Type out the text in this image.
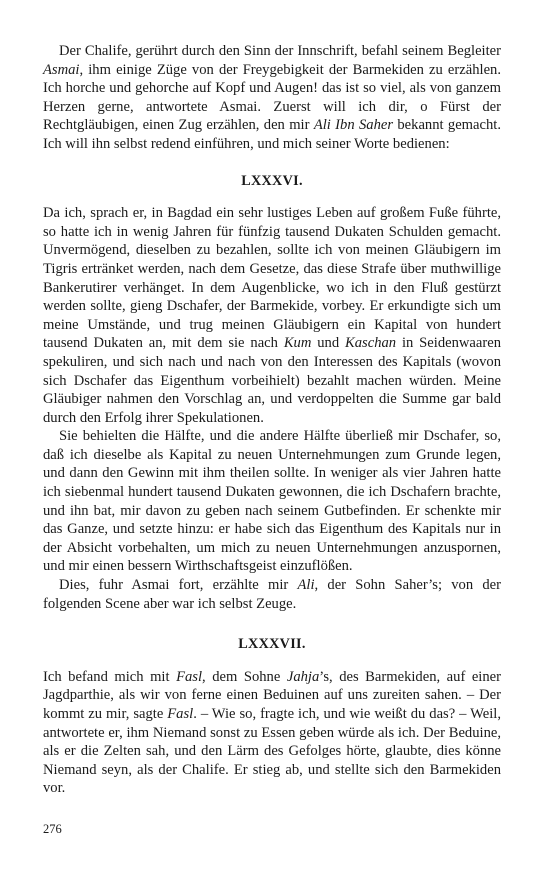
Der Chalife, gerührt durch den Sinn der Innschrift, befahl seinem Begleiter Asmai, ihm einige Züge von der Freygebigkeit der Barmekiden zu erzählen. Ich horche und gehorche auf Kopf und Augen! das ist so viel, als von ganzem Herzen gerne, antwortete Asmai. Zuerst will ich dir, o Fürst der Rechtgläubigen, einen Zug erzählen, den mir Ali Ibn Saher bekannt gemacht. Ich will ihn selbst redend einführen, und mich seiner Worte bedienen:

LXXXVI.

Da ich, sprach er, in Bagdad ein sehr lustiges Leben auf großem Fuße führte, so hatte ich in wenig Jahren für fünfzig tausend Dukaten Schulden gemacht. Unvermögend, dieselben zu bezahlen, sollte ich von meinen Gläubigern im Tigris ertränket werden, nach dem Gesetze, das diese Strafe über muthwillige Bankerutirer verhänget. In dem Augenblicke, wo ich in den Fluß gestürzt werden sollte, gieng Dschafer, der Barmekide, vorbey. Er erkundigte sich um meine Umstände, und trug meinen Gläubigern ein Kapital von hundert tausend Dukaten an, mit dem sie nach Kum und Kaschan in Seidenwaaren spekuliren, und sich nach und nach von den Interessen des Kapitals (wovon sich Dschafer das Eigenthum vorbeihielt) bezahlt machen würden. Meine Gläubiger nahmen den Vorschlag an, und verdoppelten die Summe gar bald durch den Erfolg ihrer Spekulationen.

Sie behielten die Hälfte, und die andere Hälfte überließ mir Dschafer, so, daß ich dieselbe als Kapital zu neuen Unternehmungen zum Grunde legen, und dann den Gewinn mit ihm theilen sollte. In weniger als vier Jahren hatte ich siebenmal hundert tausend Dukaten gewonnen, die ich Dschafern brachte, und ihn bat, mir davon zu geben nach seinem Gutbefinden. Er schenkte mir das Ganze, und setzte hinzu: er habe sich das Eigenthum des Kapitals nur in der Absicht vorbehalten, um mich zu neuen Unternehmungen anzuspornen, und mir einen bessern Wirthschaftsgeist einzuflößen.

Dies, fuhr Asmai fort, erzählte mir Ali, der Sohn Saher’s; von der folgenden Scene aber war ich selbst Zeuge.

LXXXVII.

Ich befand mich mit Fasl, dem Sohne Jahja’s, des Barmekiden, auf einer Jagdparthie, als wir von ferne einen Beduinen auf uns zureiten sahen. – Der kommt zu mir, sagte Fasl. – Wie so, fragte ich, und wie weißt du das? – Weil, antwortete er, ihm Niemand sonst zu Essen geben würde als ich. Der Beduine, als er die Zelten sah, und den Lärm des Gefolges hörte, glaubte, dies könne Niemand seyn, als der Chalife. Er stieg ab, und stellte sich den Barmekiden vor.

276
